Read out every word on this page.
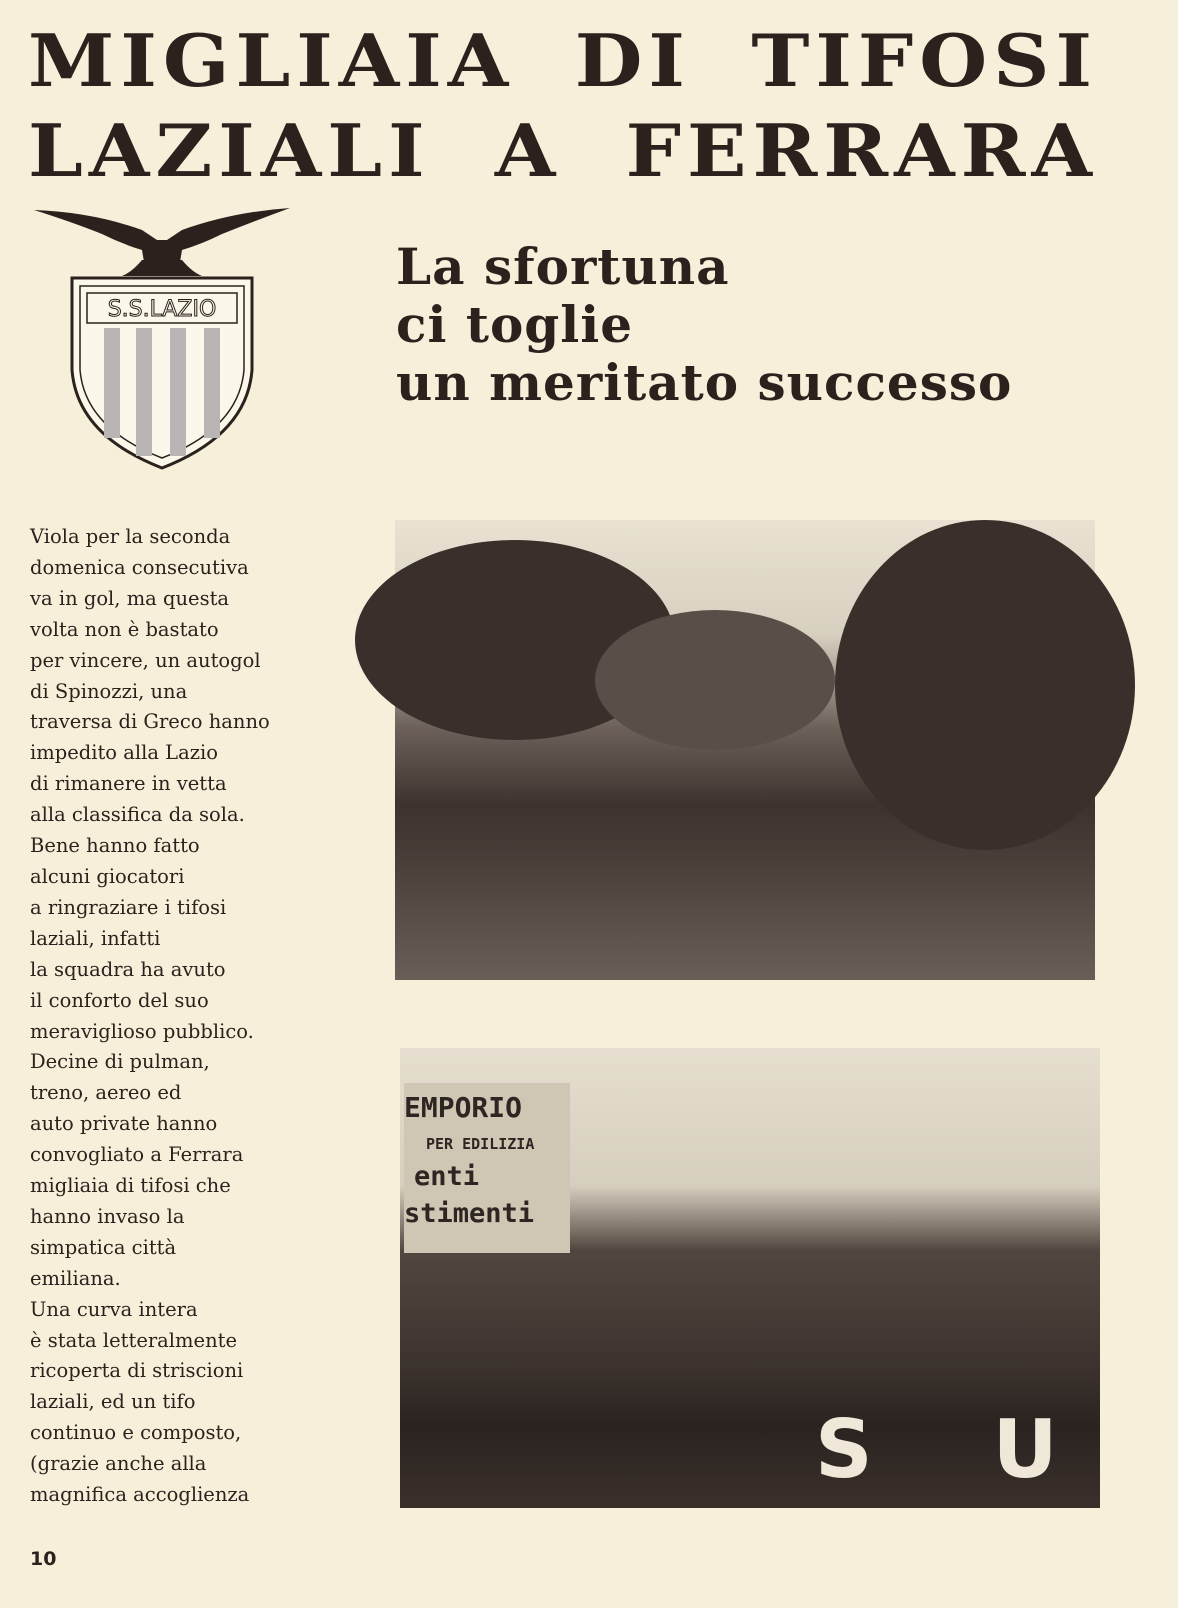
MIGLIAIA DI TIFOSI
LAZIALI A FERRARA
S.S.LAZIO
La sfortuna
ci toglie
un meritato successo
Viola per la seconda
domenica consecutiva
va in gol, ma questa
volta non è bastato
per vincere, un autogol
di Spinozzi, una
traversa di Greco hanno
impedito alla Lazio
di rimanere in vetta
alla classifica da sola.
Bene hanno fatto
alcuni giocatori
a ringraziare i tifosi
laziali, infatti
la squadra ha avuto
il conforto del suo
meraviglioso pubblico.
Decine di pulman,
treno, aereo ed
auto private hanno
convogliato a Ferrara
migliaia di tifosi che
hanno invaso la
simpatica città
emiliana.
Una curva intera
è stata letteralmente
ricoperta di striscioni
laziali, ed un tifo
continuo e composto,
(grazie anche alla
magnifica accoglienza
EMPORIO
PER EDILIZIA
enti
stimenti
SU
10
